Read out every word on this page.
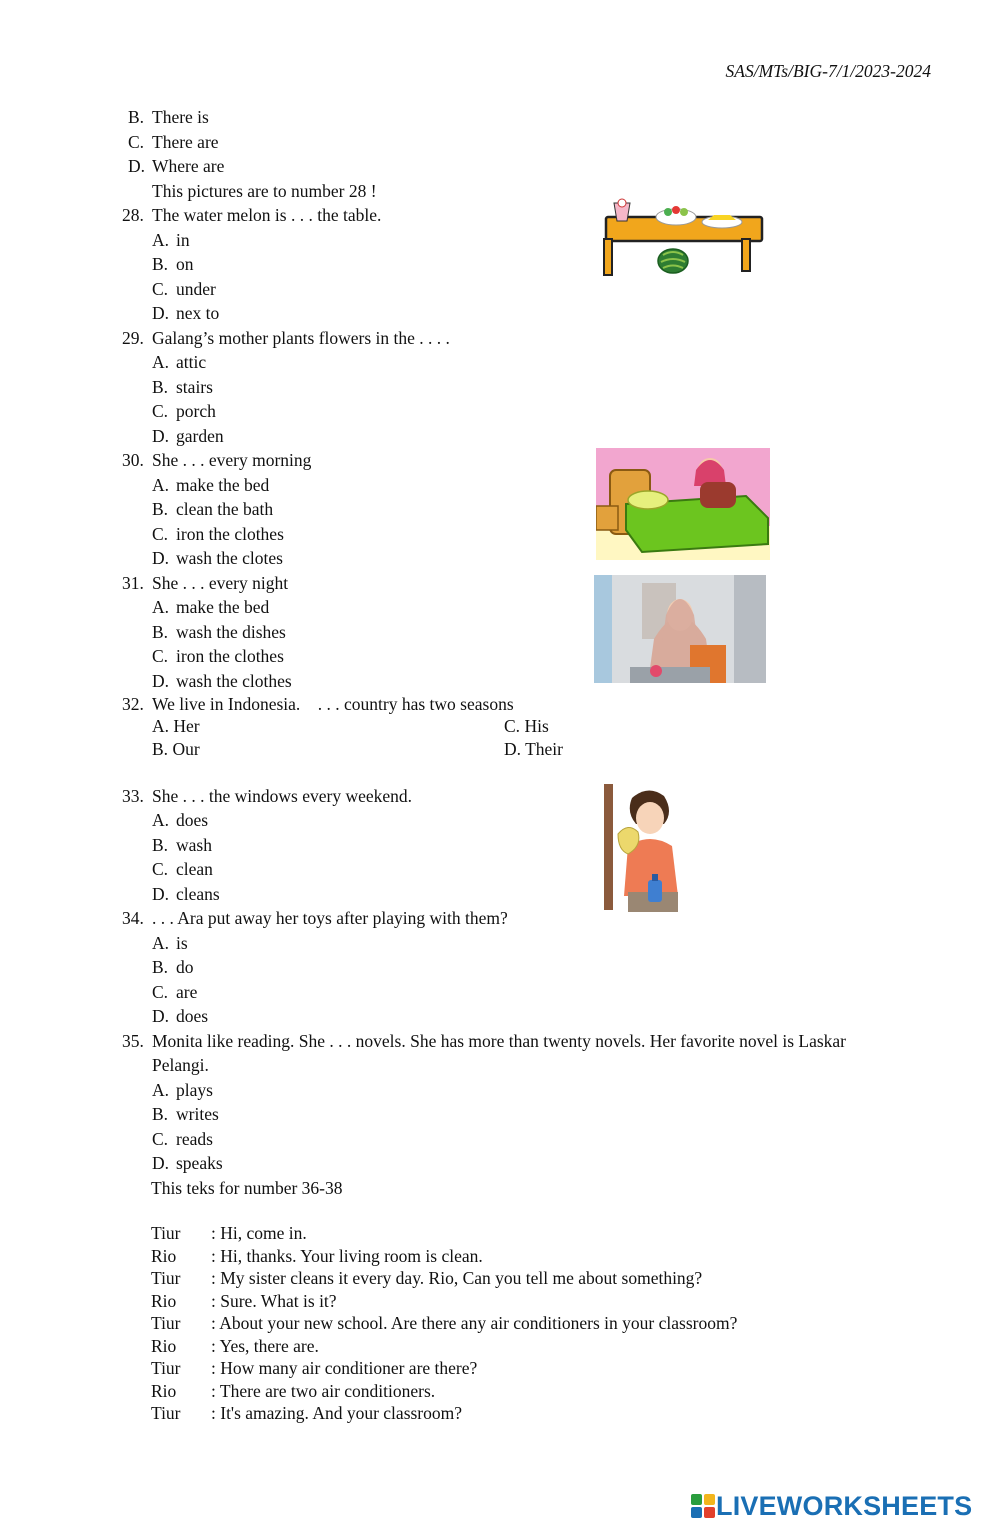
SAS/MTs/BIG-7/1/2023-2024
B. There is
C. There are
D. Where are
This pictures are to number 28 !
28. The water melon is . . . the table.
A. in
B. on
C. under
D. nex to
29. Galang’s mother plants flowers in the . . . .
A. attic
B. stairs
C. porch
D. garden
30. She . . . every morning
A. make the bed
B. clean the bath
C. iron the clothes
D. wash the clotes
31. She . . . every night
A. make the bed
B. wash the dishes
C. iron the clothes
D. wash the clothes
32. We live in Indonesia.    . . . country has two seasons
A. Her	C. His
B. Our	D. Their
33. She . . . the windows every weekend.
A. does
B. wash
C. clean
D. cleans
34. . . . Ara put away her toys after playing with them?
A. is
B. do
C. are
D. does
35. Monita like reading. She . . . novels. She has more than twenty novels. Her favorite novel is Laskar
Pelangi.
A. plays
B. writes
C. reads
D. speaks
This teks for number 36-38
Tiur : Hi, come in.
Rio : Hi, thanks. Your living room is clean.
Tiur : My sister cleans it every day. Rio, Can you tell me about something?
Rio : Sure. What is it?
Tiur : About your new school. Are there any air conditioners in your classroom?
Rio : Yes, there are.
Tiur : How many air conditioner are there?
Rio : There are two air conditioners.
Tiur : It's amazing. And your classroom?
LIVEWORKSHEETS
